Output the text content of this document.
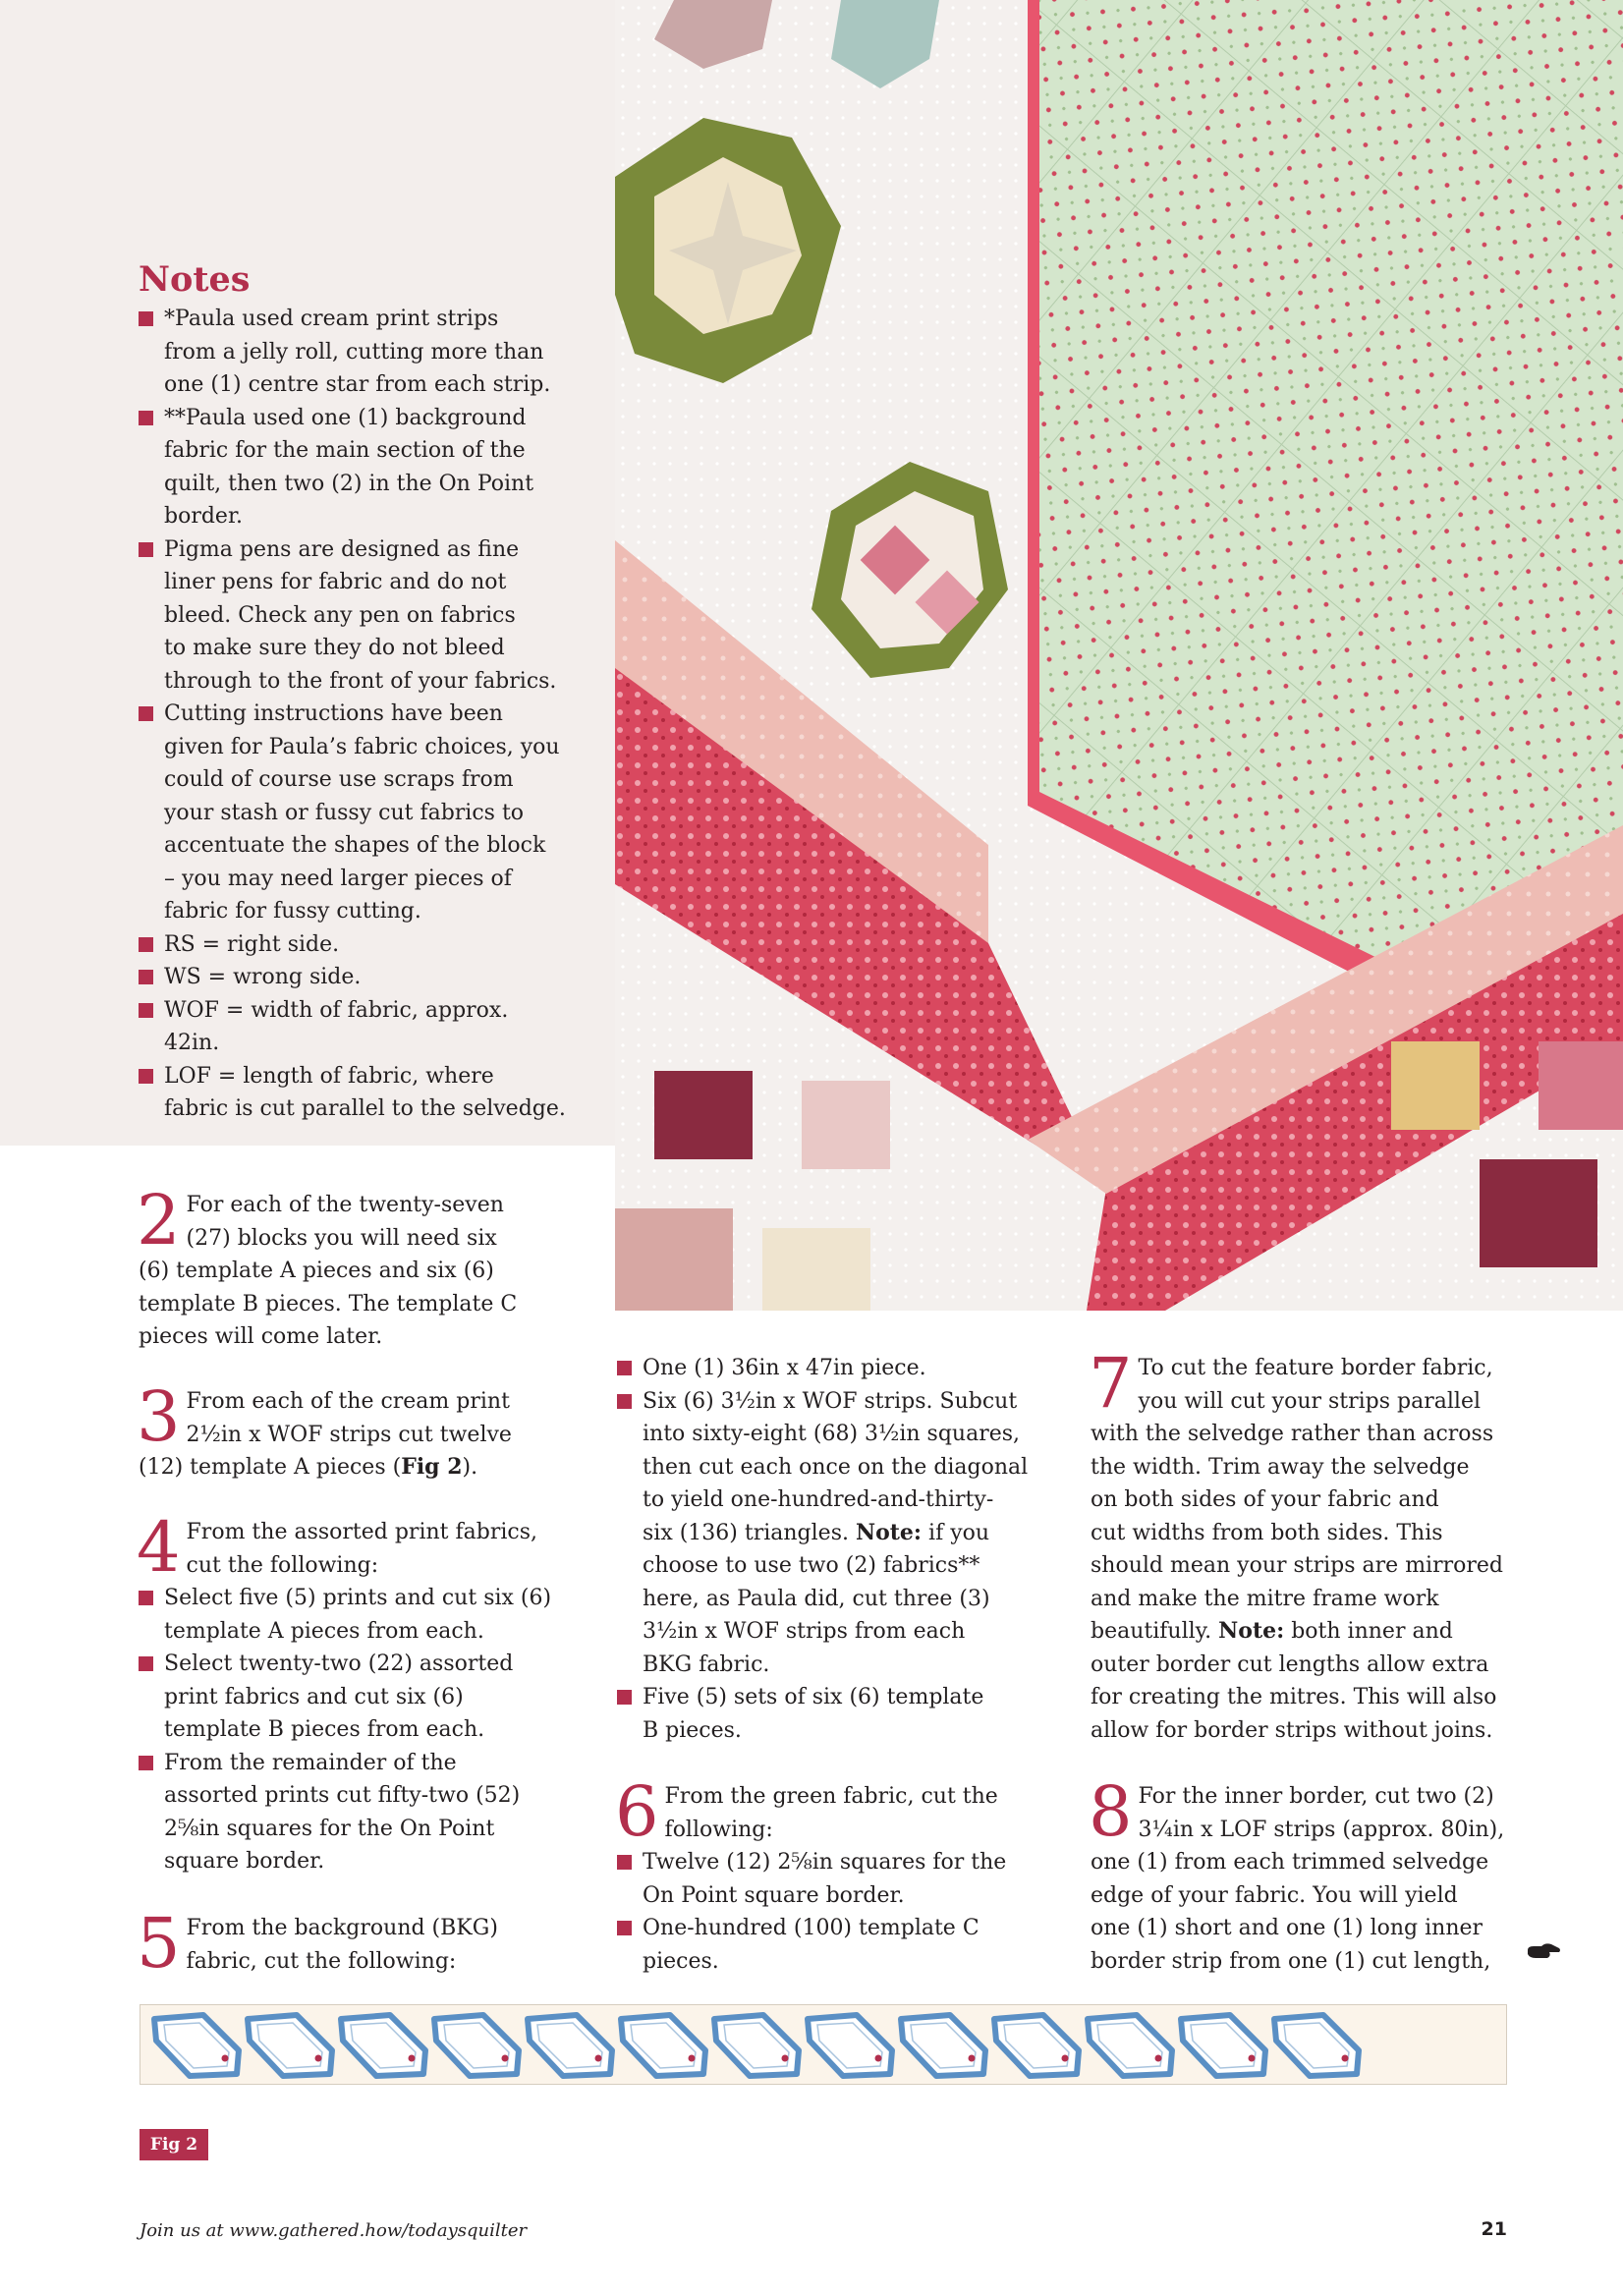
Notes
*Paula used cream print strips
from a jelly roll, cutting more than
one (1) centre star from each strip.
**Paula used one (1) background
fabric for the main section of the
quilt, then two (2) in the On Point
border.
Pigma pens are designed as fine
liner pens for fabric and do not
bleed. Check any pen on fabrics
to make sure they do not bleed
through to the front of your fabrics.
Cutting instructions have been
given for Paula’s fabric choices, you
could of course use scraps from
your stash or fussy cut fabrics to
accentuate the shapes of the block
– you may need larger pieces of
fabric for fussy cutting.
RS = right side.
WS = wrong side.
WOF = width of fabric, approx.
42in.
LOF = length of fabric, where
fabric is cut parallel to the selvedge.
2 For each of the twenty-seven

(27) blocks you will need six

(6) template A pieces and six (6)

template B pieces. The template C

pieces will come later.

3 From each of the cream print

2½in x WOF strips cut twelve

(12) template A pieces (Fig 2).

4 From the assorted print fabrics,

cut the following:

Select five (5) prints and cut six (6)
template A pieces from each.
Select twenty-two (22) assorted
print fabrics and cut six (6)
template B pieces from each.
From the remainder of the
assorted prints cut fifty-two (52)
2⅝in squares for the On Point
square border.
5 From the background (BKG)

fabric, cut the following:

One (1) 36in x 47in piece.
Six (6) 3½in x WOF strips. Subcut
into sixty-eight (68) 3½in squares,
then cut each once on the diagonal
to yield one-hundred-and-thirty-
six (136) triangles. Note: if you
choose to use two (2) fabrics**
here, as Paula did, cut three (3)
3½in x WOF strips from each
BKG fabric.
Five (5) sets of six (6) template
B pieces.
6 From the green fabric, cut the

following:

Twelve (12) 2⅝in squares for the
On Point square border.
One-hundred (100) template C
pieces.
7 To cut the feature border fabric,

you will cut your strips parallel

with the selvedge rather than across

the width. Trim away the selvedge

on both sides of your fabric and

cut widths from both sides. This

should mean your strips are mirrored

and make the mitre frame work

beautifully. Note: both inner and

outer border cut lengths allow extra

for creating the mitres. This will also

allow for border strips without joins.

8 For the inner border, cut two (2)

3¼in x LOF strips (approx. 80in),

one (1) from each trimmed selvedge

edge of your fabric. You will yield

one (1) short and one (1) long inner

border strip from one (1) cut length,

Fig 2
Join us at www.gathered.how/todaysquilter	21
